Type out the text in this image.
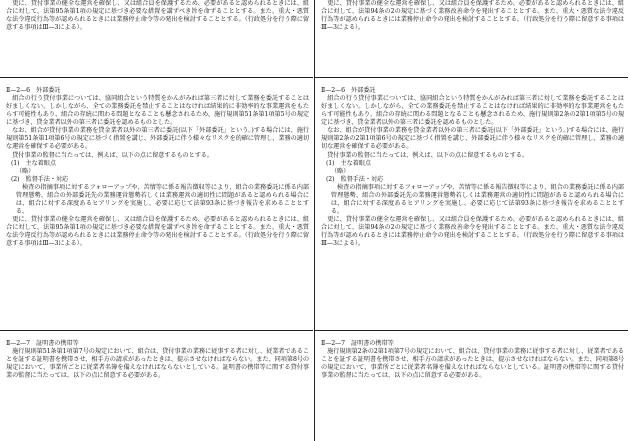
　更に、貸付事業の健全な運営を確保し、又は組合員を保護するため、必要があると認められるときには、組合に対して、法第95条第1項の規定に基づき必要な措置を講ずべき旨を命ずることとする。また、重大・悪質な法令違反行為等が認められるときには業務停止命令等の発出を検討することとする。（行政処分を行う際に留意する事項はⅢ—3による）。

Ⅱ—2—6　外部委託

　組合の行う貸付事業については、協同組合という特質をかんがみれば第三者に対して業務を委託することは好ましくない。しかしながら、全ての業務委託を禁止することはなければ結果的に非効率的な事業運営をもたらす可能性もあり、組合の存続に関わる問題となることも懸念されるため、施行規則第51条第1項第5号の規定に基づき、貸金業者以外の第三者に委託を認めるものとした。

　なお、組合が貸付事業の業務を貸金業者以外の第三者に委託(以下「外部委託」という。)する場合には、施行規則第51条第1項第6号の規定に基づく措置を講じ、外部委託に伴う様々なリスクを的確に管理し、業務の適切な運営を確保する必要がある。

　貸付事業の監督に当たっては、例えば、以下の点に留意するものとする。

(1)　主な着眼点

（略）

(2)　監督手法・対応

　検査の指摘事項に対するフォローアップや、苦情等に係る報告徴収等により、組合の業務委託に係る内部管理態勢、組合の外部委託先の業務運営態勢若しくは業務運営の適切性に問題があると認められる場合には、組合に対する深度あるヒアリングを実施し、必要に応じて法第93条に基づき報告を求めることとする。

　更に、貸付事業の健全な運営を確保し、又は組合員を保護するため、必要があると認められるときには、組合に対して、法第95条第1項の規定に基づき必要な措置を講ずべき旨を命ずることとする。また、重大・悪質な法令違反行為等が認められるときには業務停止命令等の発出を検討することとする。（行政処分を行う際に留意する事項はⅢ—3による）。

Ⅱ—2—7　証明書の携帯等

　施行規則第51条第1項第7号の規定において、組合は、貸付事業の業務に従事する者に対し、従業者であることを証する証明書を携帯させ、相手方の請求があったときは、提示させなければならない。また、同項第8号の規定において、事業所ごとに従業者名簿を備えなければならないとしている。証明書の携帯等に関する貸付事業の監督に当たっては、以下の点に留意する必要がある。

　更に、貸付事業の健全な運営を確保し、又は組合員を保護するため、必要があると認められるときには、組合に対して、法第94条の2の規定に基づく業務改善命令を発出することとする。また、重大・悪質な法令違反行為等が認められるときには業務停止命令の発出を検討することとする。（行政処分を行う際に留意する事項はⅢ—3による）。

Ⅱ—2—6　外部委託

　組合の行う貸付事業については、協同組合という特質をかんがみれば第三者に対して業務を委託することは好ましくない。しかしながら、全ての業務委託を禁止することはなければ結果的に非効率的な事業運営をもたらす可能性もあり、組合の存続に関わる問題となることも懸念されるため、施行規則第2条の2第1項第5号の規定に基づき、貸金業者以外の第三者に委託を認めるものとした。

　なお、組合が貸付事業の業務を貸金業者以外の第三者に委託(以下「外部委託」という。)する場合には、施行規則第2条の2第1項第6号の規定に基づく措置を講じ、外部委託に伴う様々なリスクを的確に管理し、業務の適切な運営を確保する必要がある。

　貸付事業の監督に当たっては、例えば、以下の点に留意するものとする。

(1)　主な着眼点

（略）

(2)　監督手法・対応

　検査の指摘事項に対するフォローアップや、苦情等に係る報告徴収等により、組合の業務委託に係る内部管理態勢、組合の外部委託先の業務運営態勢若しくは業務運営の適切性に問題があると認められる場合には、組合に対する深度あるヒアリングを実施し、必要に応じて法第93条に基づき報告を求めることとする。

　更に、貸付事業の健全な運営を確保し、又は組合員を保護するため、必要があると認められるときには、組合に対して、法第94条の2の規定に基づく業務改善命令を発出することとする。また、重大・悪質な法令違反行為等が認められるときには業務停止命令の発出を検討することとする。（行政処分を行う際に留意する事項はⅢ—3による）。

Ⅱ—2—7　証明書の携帯等

　施行規則第2条の2第1項第7号の規定において、組合は、貸付事業の業務に従事する者に対し、従業者であることを証する証明書を携帯させ、相手方の請求があったときは、提示させなければならない。また、同項第8号の規定において、事業所ごとに従業者名簿を備えなければならないとしている。証明書の携帯等に関する貸付事業の監督に当たっては、以下の点に留意する必要がある。
